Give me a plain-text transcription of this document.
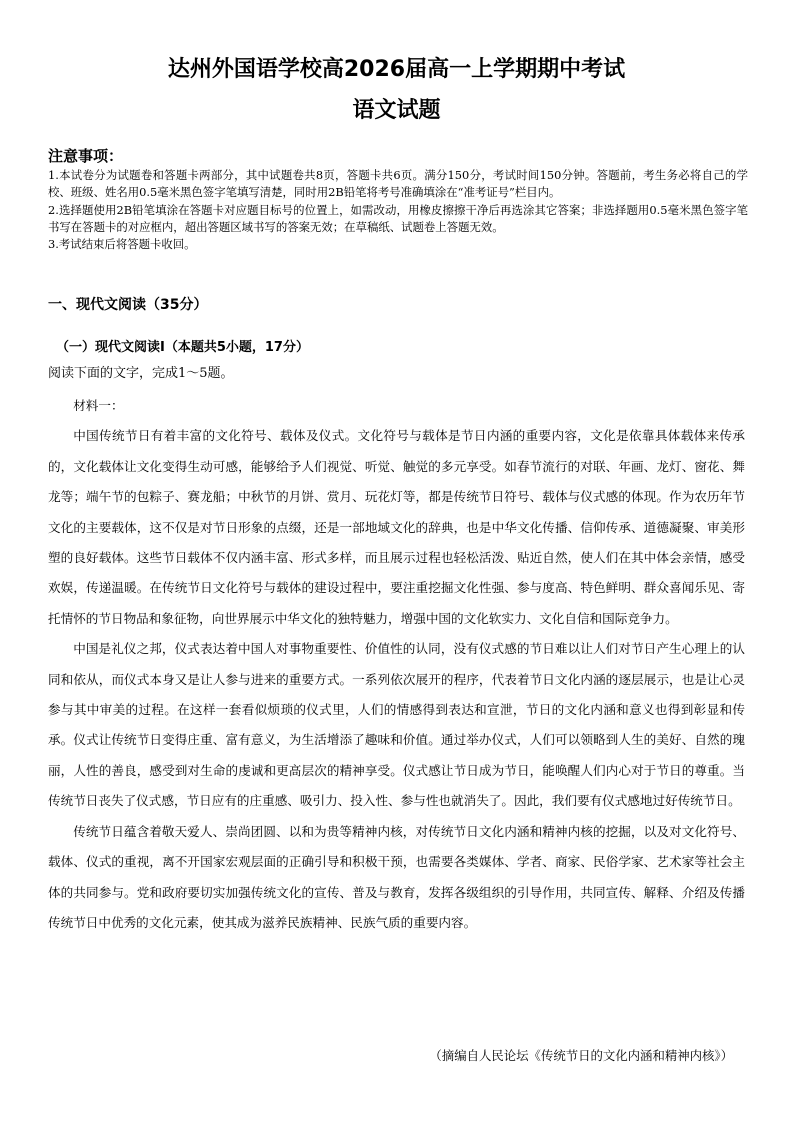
达州外国语学校高2026届高一上学期期中考试
语文试题
注意事项：
1.本试卷分为试题卷和答题卡两部分，其中试题卷共8页，答题卡共6页。满分150分，考试时间150分钟。答题前，考生务必将自己的学校、班级、姓名用0.5毫米黑色签字笔填写清楚，同时用2B铅笔将考号准确填涂在“准考证号”栏目内。
2.选择题使用2B铅笔填涂在答题卡对应题目标号的位置上，如需改动，用橡皮擦擦干净后再选涂其它答案；非选择题用0.5毫米黑色签字笔书写在答题卡的对应框内，超出答题区域书写的答案无效；在草稿纸、试题卷上答题无效。
3.考试结束后将答题卡收回。
一、现代文阅读（35分）
（一）现代文阅读Ⅰ（本题共5小题，17分）
阅读下面的文字，完成1～5题。

材料一：

中国传统节日有着丰富的文化符号、载体及仪式。文化符号与载体是节日内涵的重要内容，文化是依靠具体载体来传承的，文化载体让文化变得生动可感，能够给予人们视觉、听觉、触觉的多元享受。如春节流行的对联、年画、龙灯、窗花、舞龙等；端午节的包粽子、赛龙船；中秋节的月饼、赏月、玩花灯等，都是传统节日符号、载体与仪式感的体现。作为农历年节文化的主要载体，这不仅是对节日形象的点缀，还是一部地域文化的辞典，也是中华文化传播、信仰传承、道德凝聚、审美形塑的良好载体。这些节日载体不仅内涵丰富、形式多样，而且展示过程也轻松活泼、贴近自然，使人们在其中体会亲情，感受欢娱，传递温暖。在传统节日文化符号与载体的建设过程中，要注重挖掘文化性强、参与度高、特色鲜明、群众喜闻乐见、寄托情怀的节日物品和象征物，向世界展示中华文化的独特魅力，增强中国的文化软实力、文化自信和国际竞争力。

中国是礼仪之邦，仪式表达着中国人对事物重要性、价值性的认同，没有仪式感的节日难以让人们对节日产生心理上的认同和依从，而仪式本身又是让人参与进来的重要方式。一系列依次展开的程序，代表着节日文化内涵的逐层展示，也是让心灵参与其中审美的过程。在这样一套看似烦琐的仪式里，人们的情感得到表达和宣泄，节日的文化内涵和意义也得到彰显和传承。仪式让传统节日变得庄重、富有意义，为生活增添了趣味和价值。通过举办仪式，人们可以领略到人生的美好、自然的瑰丽，人性的善良，感受到对生命的虔诚和更高层次的精神享受。仪式感让节日成为节日，能唤醒人们内心对于节日的尊重。当传统节日丧失了仪式感，节日应有的庄重感、吸引力、投入性、参与性也就消失了。因此，我们要有仪式感地过好传统节日。

传统节日蕴含着敬天爱人、崇尚团圆、以和为贵等精神内核，对传统节日文化内涵和精神内核的挖掘，以及对文化符号、载体、仪式的重视，离不开国家宏观层面的正确引导和积极干预，也需要各类媒体、学者、商家、民俗学家、艺术家等社会主体的共同参与。党和政府要切实加强传统文化的宣传、普及与教育，发挥各级组织的引导作用，共同宣传、解释、介绍及传播传统节日中优秀的文化元素，使其成为滋养民族精神、民族气质的重要内容。

（摘编自人民论坛《传统节日的文化内涵和精神内核》）
